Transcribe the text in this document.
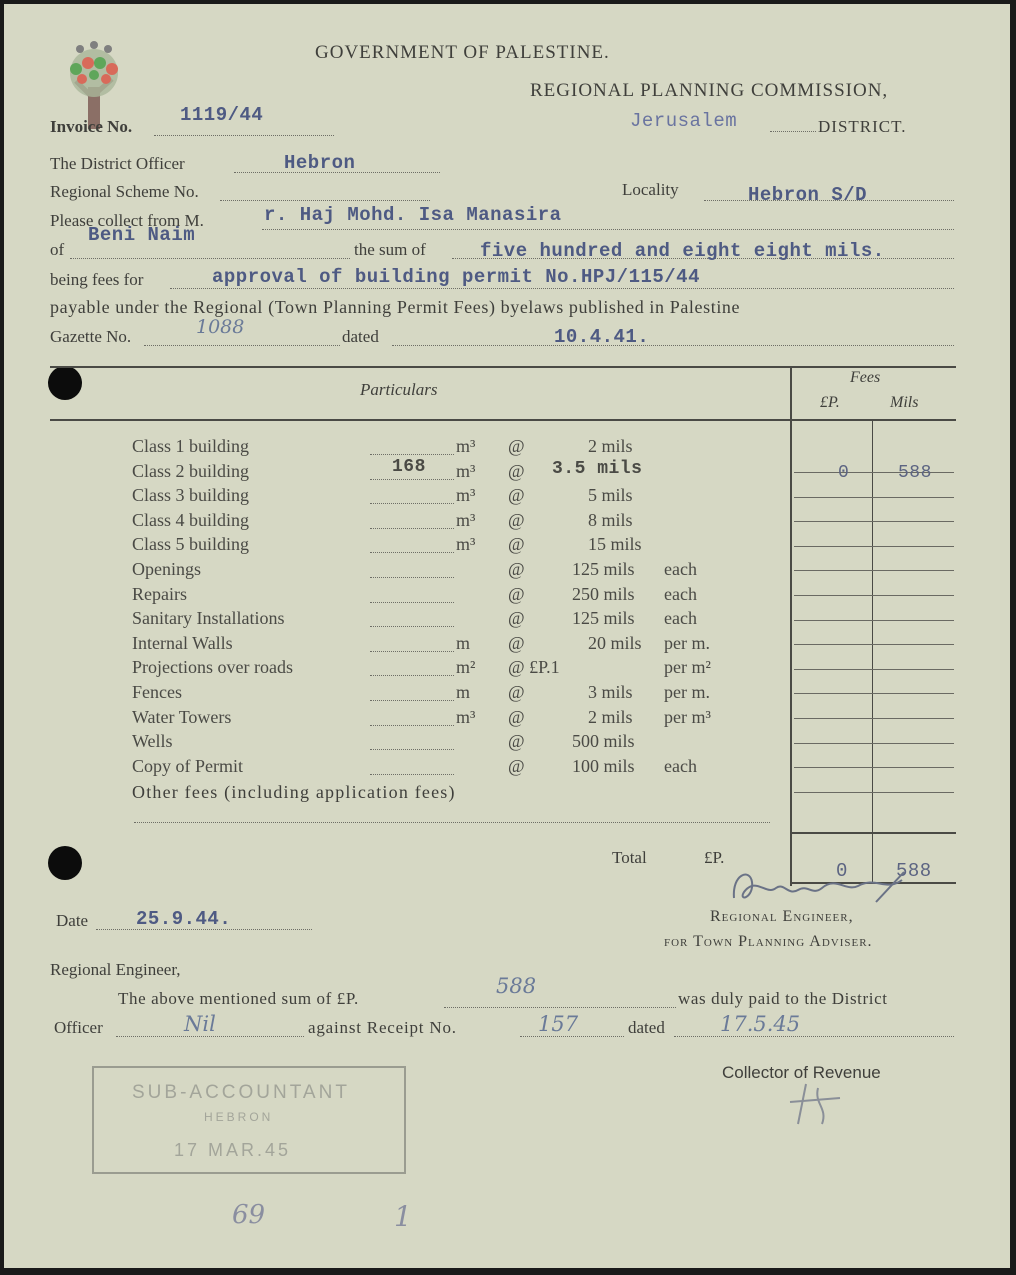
GOVERNMENT OF PALESTINE.
REGIONAL PLANNING COMMISSION,
Invoice No.
1119/44	Jerusalem	DISTRICT.
The District Officer	Hebron
Regional Scheme No.	Locality	Hebron S/D
Please collect from M.	r. Haj Mohd. Isa Manasira
of
Beni Naim
the sum of	five hundred and eight eight mils.
being fees for	approval of building permit No.HPJ/115/44
payable under the Regional (Town Planning Permit Fees) byelaws published in Palestine
Gazette No.	1088	dated	10.4.41.
Particulars
Fees
£P.	Mils
Class 1 building	m³ @	2 mils
Class 2 building	168 m³ @ 3.5 mils	0	588
Class 3 building	m³ @	5 mils
Class 4 building	m³ @	8 mils
Class 5 building	m³ @	15 mils
Openings	@	125 mils each
Repairs	@	250 mils each
Sanitary Installations	@	125 mils each
Internal Walls	m @	20 mils per m.
Projections over roads	m² @ £P.1	per m²
Fences	m @	3 mils per m.
Water Towers	m³ @	2 mils per m³
Wells	@	500 mils
Copy of Permit	@	100 mils each
Other fees (including application fees)
Total	£P.
0	588
Date	25.9.44.	Regional Engineer,
for Town Planning Adviser.
Regional Engineer,
The above mentioned sum of £P.
588
was duly paid to the District
Officer	Nil	against Receipt No.	157	dated	17.5.45
Collector of Revenue
SUB-ACCOUNTANT
HEBRON
17 MAR.45
69	1
